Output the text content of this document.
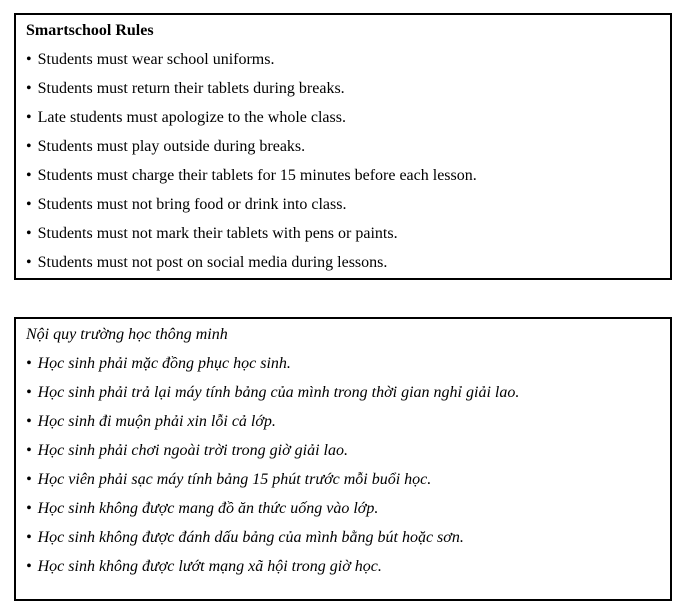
Smartschool Rules
• Students must wear school uniforms.
• Students must return their tablets during breaks.
• Late students must apologize to the whole class.
• Students must play outside during breaks.
• Students must charge their tablets for 15 minutes before each lesson.
• Students must not bring food or drink into class.
• Students must not mark their tablets with pens or paints.
• Students must not post on social media during lessons.
Nội quy trường học thông minh
• Học sinh phải mặc đồng phục học sinh.
• Học sinh phải trả lại máy tính bảng của mình trong thời gian nghỉ giải lao.
• Học sinh đi muộn phải xin lỗi cả lớp.
• Học sinh phải chơi ngoài trời trong giờ giải lao.
• Học viên phải sạc máy tính bảng 15 phút trước mỗi buổi học.
• Học sinh không được mang đồ ăn thức uống vào lớp.
• Học sinh không được đánh dấu bảng của mình bằng bút hoặc sơn.
• Học sinh không được lướt mạng xã hội trong giờ học.
